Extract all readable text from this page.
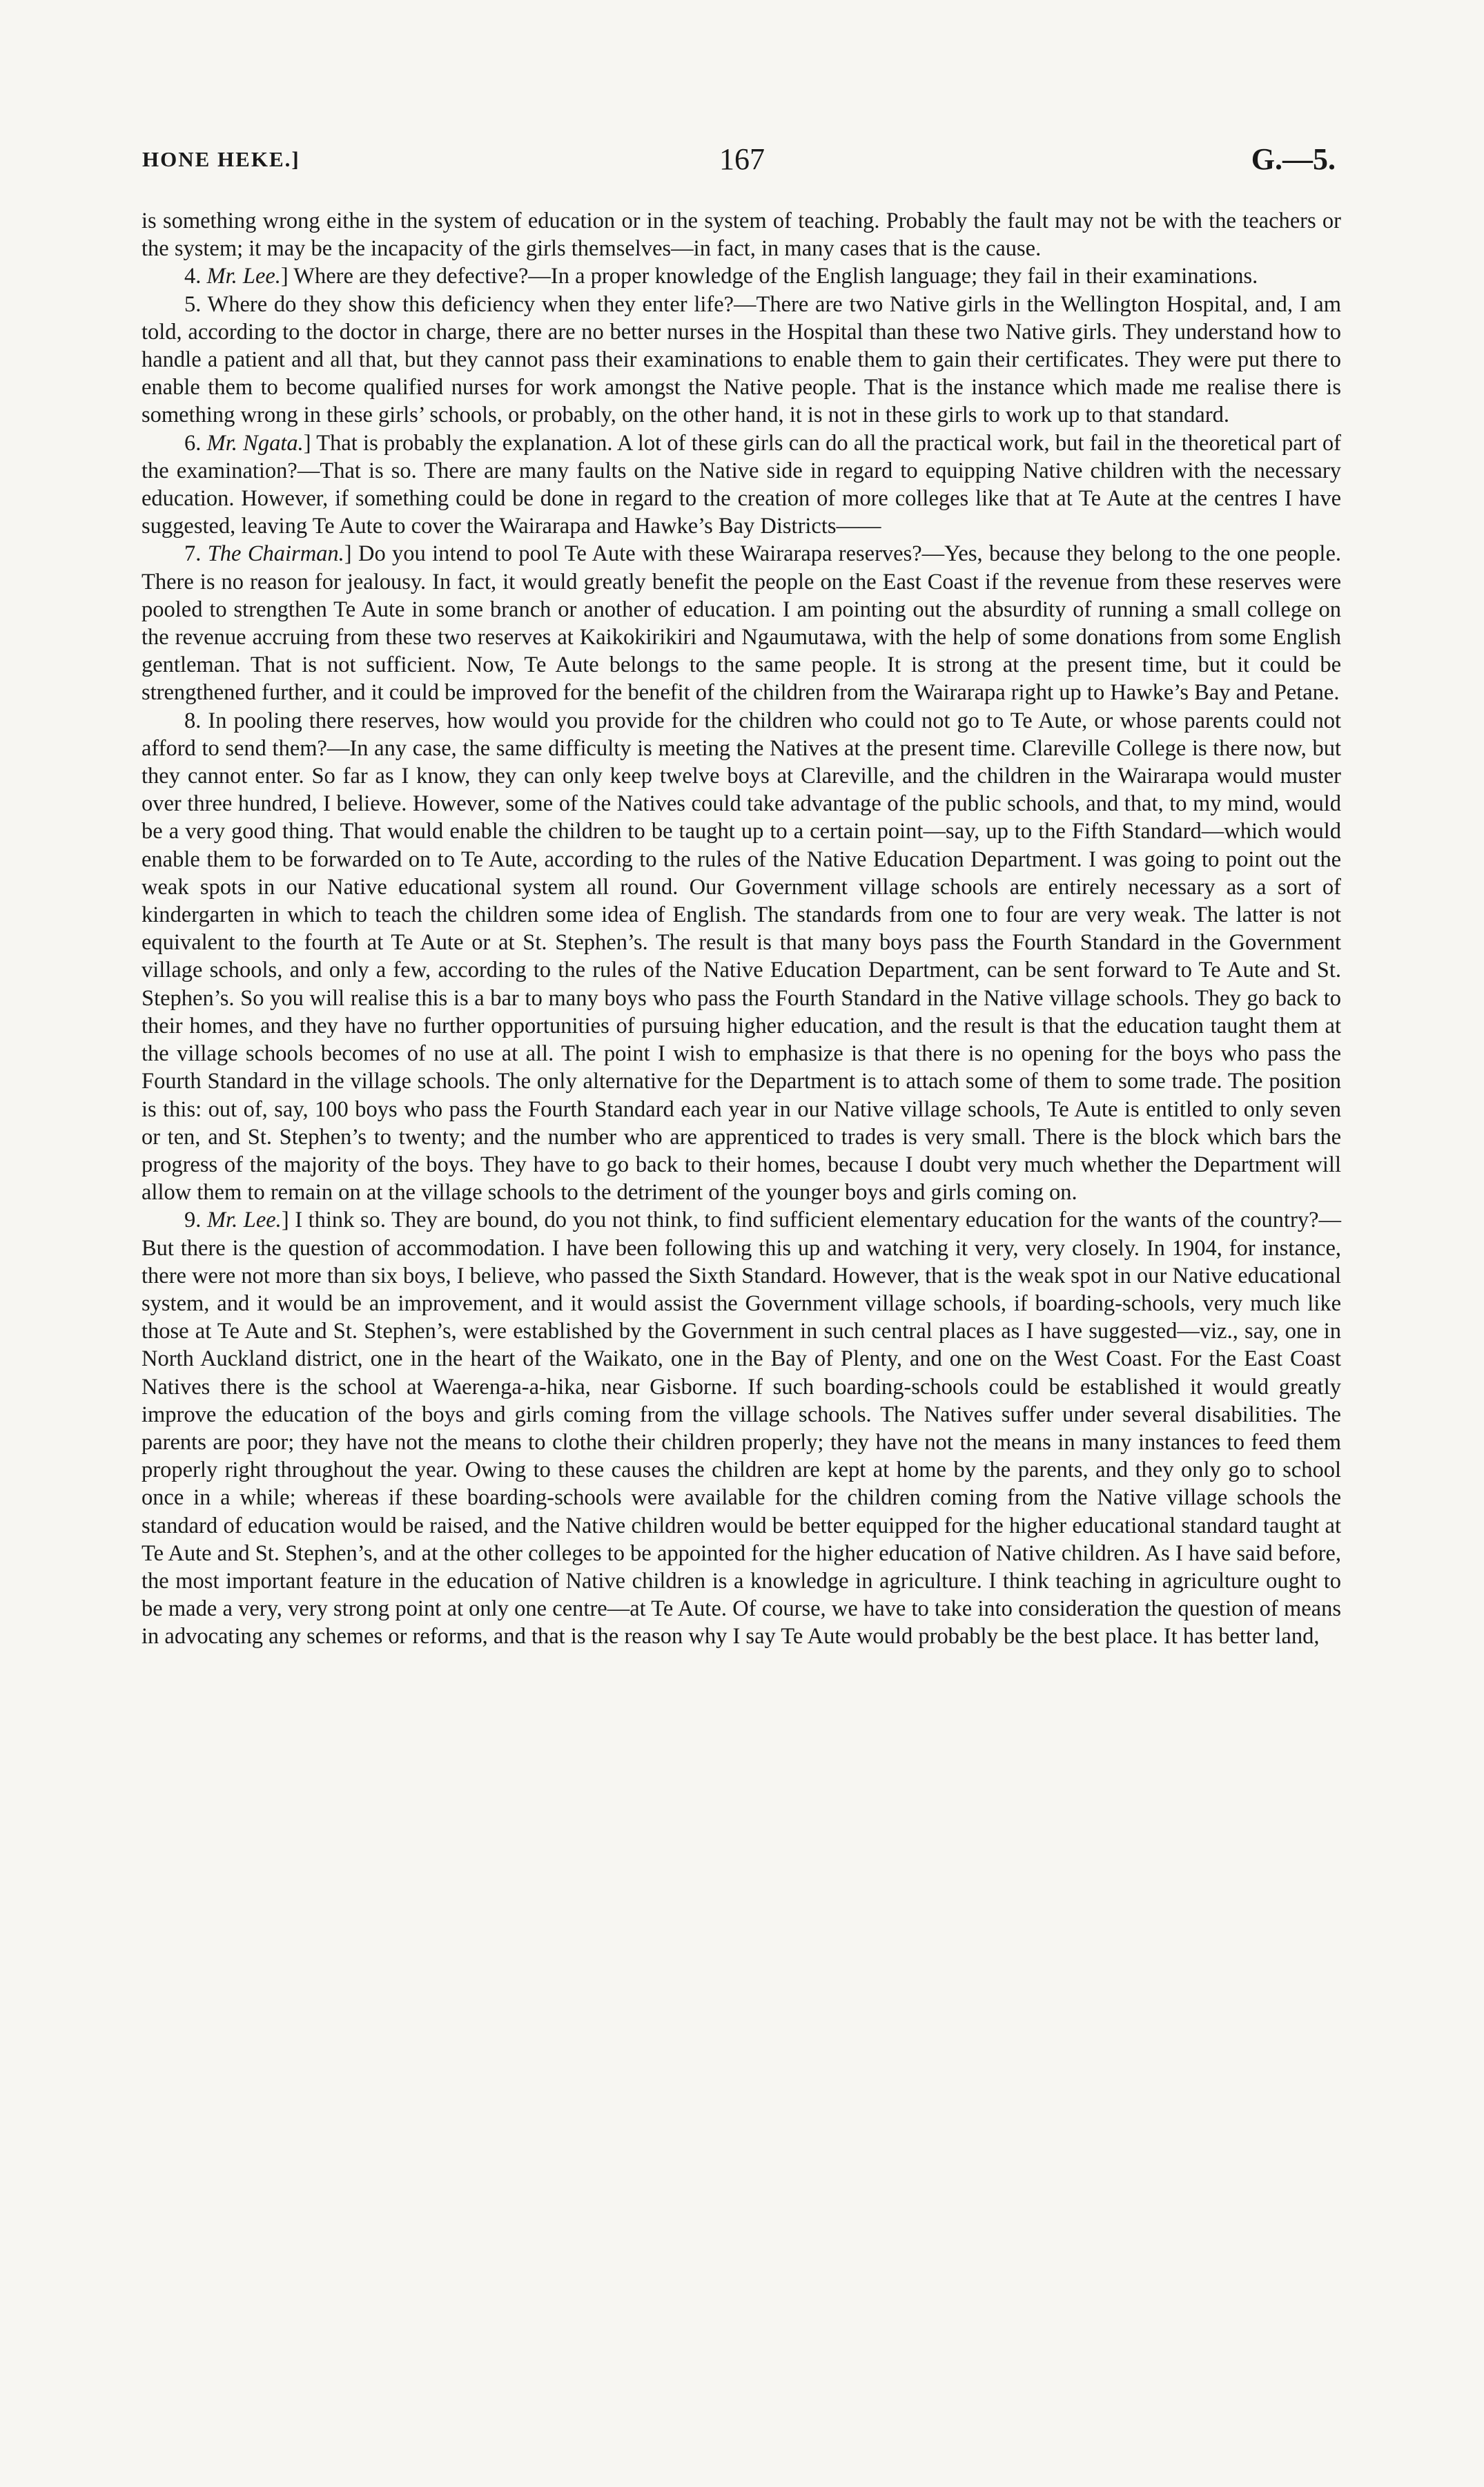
HONE HEKE.]	167	G.—5.

is something wrong eithe in the system of education or in the system of teaching. Probably the fault may not be with the teachers or the system; it may be the incapacity of the girls themselves—in fact, in many cases that is the cause.

4. Mr. Lee.] Where are they defective?—In a proper knowledge of the English language; they fail in their examinations.

5. Where do they show this deficiency when they enter life?—There are two Native girls in the Wellington Hospital, and, I am told, according to the doctor in charge, there are no better nurses in the Hospital than these two Native girls. They understand how to handle a patient and all that, but they cannot pass their examinations to enable them to gain their certificates. They were put there to enable them to become qualified nurses for work amongst the Native people. That is the instance which made me realise there is something wrong in these girls’ schools, or probably, on the other hand, it is not in these girls to work up to that standard.

6. Mr. Ngata.] That is probably the explanation. A lot of these girls can do all the practical work, but fail in the theoretical part of the examination?—That is so. There are many faults on the Native side in regard to equipping Native children with the necessary education. However, if something could be done in regard to the creation of more colleges like that at Te Aute at the centres I have suggested, leaving Te Aute to cover the Wairarapa and Hawke’s Bay Districts——

7. The Chairman.] Do you intend to pool Te Aute with these Wairarapa reserves?—Yes, because they belong to the one people. There is no reason for jealousy. In fact, it would greatly benefit the people on the East Coast if the revenue from these reserves were pooled to strengthen Te Aute in some branch or another of education. I am pointing out the absurdity of running a small college on the revenue accruing from these two reserves at Kaikokirikiri and Ngaumutawa, with the help of some donations from some English gentleman. That is not sufficient. Now, Te Aute belongs to the same people. It is strong at the present time, but it could be strengthened further, and it could be improved for the benefit of the children from the Wairarapa right up to Hawke’s Bay and Petane.

8. In pooling there reserves, how would you provide for the children who could not go to Te Aute, or whose parents could not afford to send them?—In any case, the same difficulty is meeting the Natives at the present time. Clareville College is there now, but they cannot enter. So far as I know, they can only keep twelve boys at Clareville, and the children in the Wairarapa would muster over three hundred, I believe. However, some of the Natives could take advantage of the public schools, and that, to my mind, would be a very good thing. That would enable the children to be taught up to a certain point—say, up to the Fifth Standard—which would enable them to be forwarded on to Te Aute, according to the rules of the Native Education Department. I was going to point out the weak spots in our Native educational system all round. Our Government village schools are entirely necessary as a sort of kindergarten in which to teach the children some idea of English. The standards from one to four are very weak. The latter is not equivalent to the fourth at Te Aute or at St. Stephen’s. The result is that many boys pass the Fourth Standard in the Government village schools, and only a few, according to the rules of the Native Education Department, can be sent forward to Te Aute and St. Stephen’s. So you will realise this is a bar to many boys who pass the Fourth Standard in the Native village schools. They go back to their homes, and they have no further opportunities of pursuing higher education, and the result is that the education taught them at the village schools becomes of no use at all. The point I wish to emphasize is that there is no opening for the boys who pass the Fourth Standard in the village schools. The only alternative for the Department is to attach some of them to some trade. The position is this: out of, say, 100 boys who pass the Fourth Standard each year in our Native village schools, Te Aute is entitled to only seven or ten, and St. Stephen’s to twenty; and the number who are apprenticed to trades is very small. There is the block which bars the progress of the majority of the boys. They have to go back to their homes, because I doubt very much whether the Department will allow them to remain on at the village schools to the detriment of the younger boys and girls coming on.

9. Mr. Lee.] I think so. They are bound, do you not think, to find sufficient elementary education for the wants of the country?—But there is the question of accommodation. I have been following this up and watching it very, very closely. In 1904, for instance, there were not more than six boys, I believe, who passed the Sixth Standard. However, that is the weak spot in our Native educational system, and it would be an improvement, and it would assist the Government village schools, if boarding-schools, very much like those at Te Aute and St. Stephen’s, were established by the Government in such central places as I have suggested—viz., say, one in North Auckland district, one in the heart of the Waikato, one in the Bay of Plenty, and one on the West Coast. For the East Coast Natives there is the school at Waerenga-a-hika, near Gisborne. If such boarding-schools could be established it would greatly improve the education of the boys and girls coming from the village schools. The Natives suffer under several disabilities. The parents are poor; they have not the means to clothe their children properly; they have not the means in many instances to feed them properly right throughout the year. Owing to these causes the children are kept at home by the parents, and they only go to school once in a while; whereas if these boarding-schools were available for the children coming from the Native village schools the standard of education would be raised, and the Native children would be better equipped for the higher educational standard taught at Te Aute and St. Stephen’s, and at the other colleges to be appointed for the higher education of Native children. As I have said before, the most important feature in the education of Native children is a knowledge in agriculture. I think teaching in agriculture ought to be made a very, very strong point at only one centre—at Te Aute. Of course, we have to take into consideration the question of means in advocating any schemes or reforms, and that is the reason why I say Te Aute would probably be the best place. It has better land,
